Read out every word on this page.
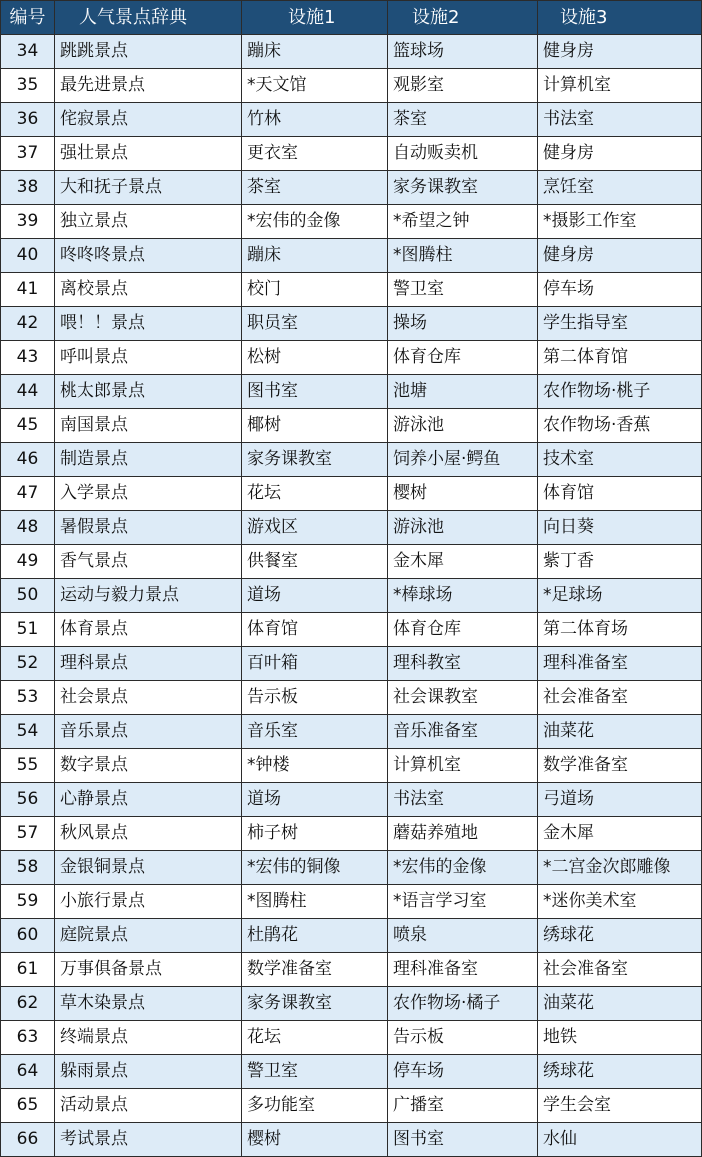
编号	人气景点辞典	设施1	设施2	设施3
34	跳跳景点	蹦床	篮球场	健身房
35	最先进景点	*天文馆	观影室	计算机室
36	侘寂景点	竹林	茶室	书法室
37	强壮景点	更衣室	自动贩卖机	健身房
38	大和抚子景点	茶室	家务课教室	烹饪室
39	独立景点	*宏伟的金像	*希望之钟	*摄影工作室
40	咚咚咚景点	蹦床	*图腾柱	健身房
41	离校景点	校门	警卫室	停车场
42	喂！！景点	职员室	操场	学生指导室
43	呼叫景点	松树	体育仓库	第二体育馆
44	桃太郎景点	图书室	池塘	农作物场·桃子
45	南国景点	椰树	游泳池	农作物场·香蕉
46	制造景点	家务课教室	饲养小屋·鳄鱼	技术室
47	入学景点	花坛	樱树	体育馆
48	暑假景点	游戏区	游泳池	向日葵
49	香气景点	供餐室	金木犀	紫丁香
50	运动与毅力景点	道场	*棒球场	*足球场
51	体育景点	体育馆	体育仓库	第二体育场
52	理科景点	百叶箱	理科教室	理科准备室
53	社会景点	告示板	社会课教室	社会准备室
54	音乐景点	音乐室	音乐准备室	油菜花
55	数字景点	*钟楼	计算机室	数学准备室
56	心静景点	道场	书法室	弓道场
57	秋风景点	柿子树	蘑菇养殖地	金木犀
58	金银铜景点	*宏伟的铜像	*宏伟的金像	*二宫金次郎雕像
59	小旅行景点	*图腾柱	*语言学习室	*迷你美术室
60	庭院景点	杜鹃花	喷泉	绣球花
61	万事俱备景点	数学准备室	理科准备室	社会准备室
62	草木染景点	家务课教室	农作物场·橘子	油菜花
63	终端景点	花坛	告示板	地铁
64	躲雨景点	警卫室	停车场	绣球花
65	活动景点	多功能室	广播室	学生会室
66	考试景点	樱树	图书室	水仙
